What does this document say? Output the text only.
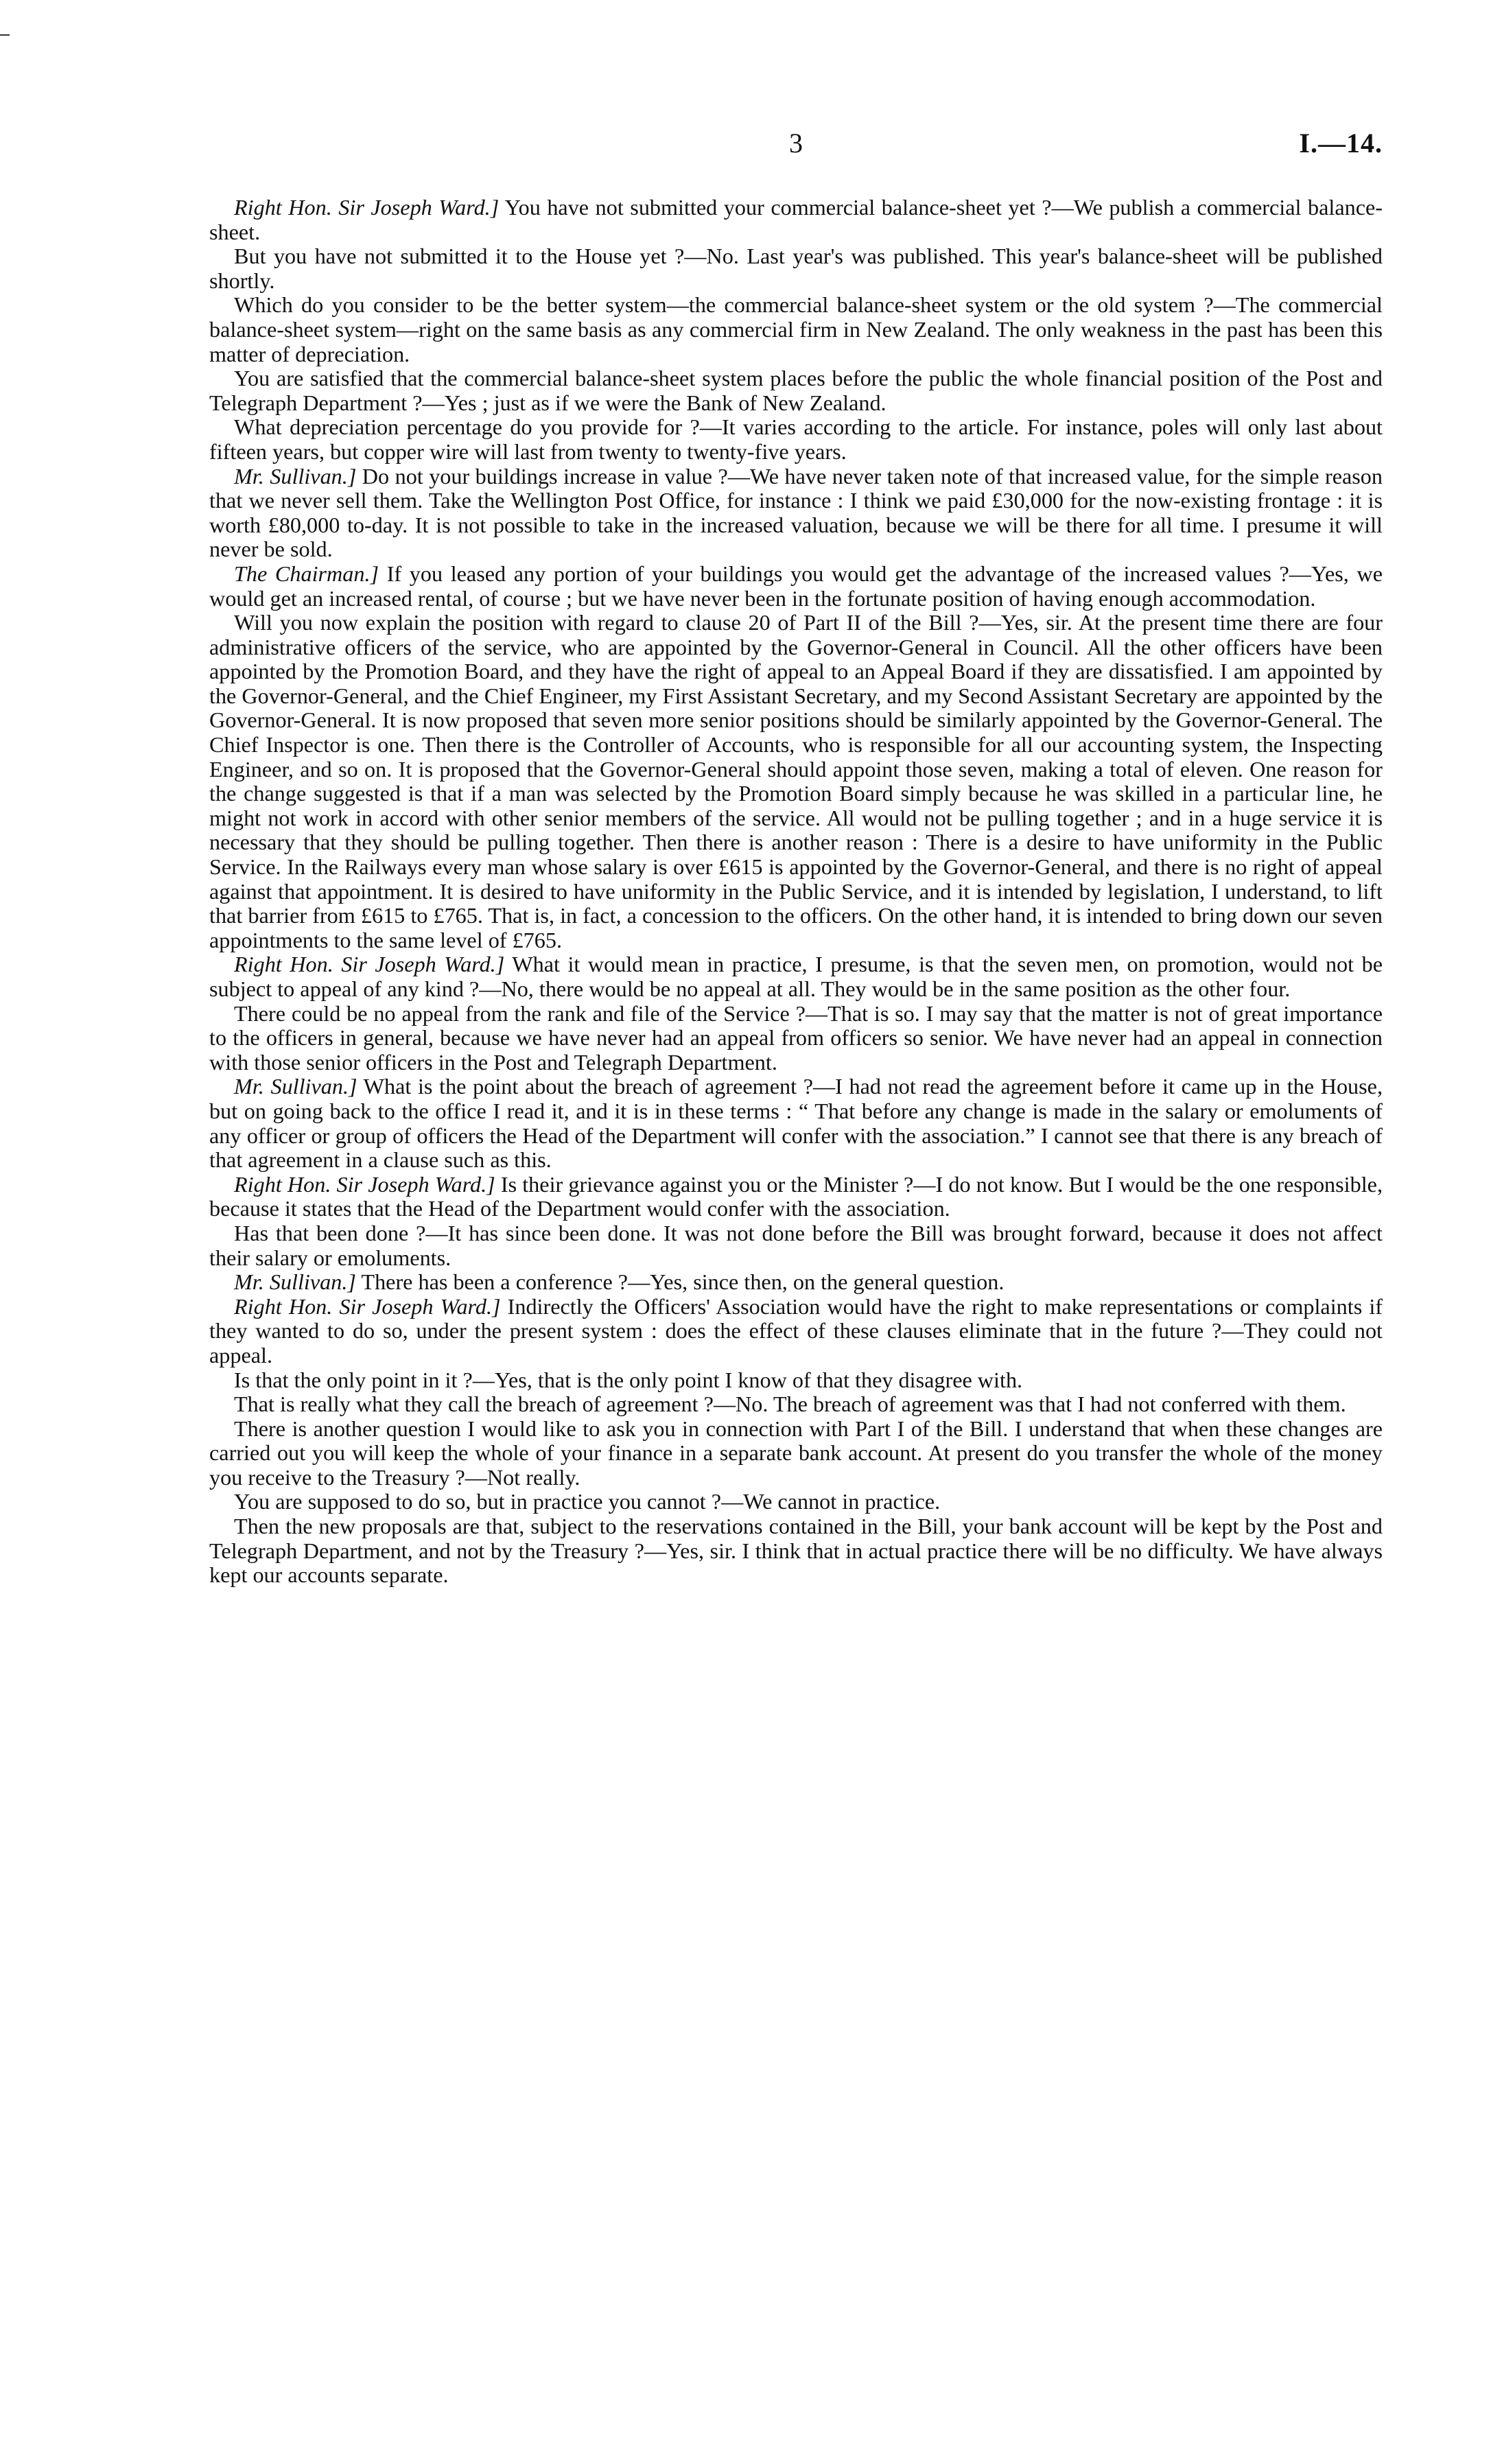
3	I.—14.

Right Hon. Sir Joseph Ward.] You have not submitted your commercial balance-sheet yet ?—We publish a commercial balance-sheet.

But you have not submitted it to the House yet ?—No. Last year's was published. This year's balance-sheet will be published shortly.

Which do you consider to be the better system—the commercial balance-sheet system or the old system ?—The commercial balance-sheet system—right on the same basis as any commercial firm in New Zealand. The only weakness in the past has been this matter of depreciation.

You are satisfied that the commercial balance-sheet system places before the public the whole financial position of the Post and Telegraph Department ?—Yes ; just as if we were the Bank of New Zealand.

What depreciation percentage do you provide for ?—It varies according to the article. For instance, poles will only last about fifteen years, but copper wire will last from twenty to twenty-five years.

Mr. Sullivan.] Do not your buildings increase in value ?—We have never taken note of that increased value, for the simple reason that we never sell them. Take the Wellington Post Office, for instance : I think we paid £30,000 for the now-existing frontage : it is worth £80,000 to-day. It is not possible to take in the increased valuation, because we will be there for all time. I presume it will never be sold.

The Chairman.] If you leased any portion of your buildings you would get the advantage of the increased values ?—Yes, we would get an increased rental, of course ; but we have never been in the fortunate position of having enough accommodation.

Will you now explain the position with regard to clause 20 of Part II of the Bill ?—Yes, sir. At the present time there are four administrative officers of the service, who are appointed by the Governor-General in Council. All the other officers have been appointed by the Promotion Board, and they have the right of appeal to an Appeal Board if they are dissatisfied. I am appointed by the Governor-General, and the Chief Engineer, my First Assistant Secretary, and my Second Assistant Secretary are appointed by the Governor-General. It is now proposed that seven more senior positions should be similarly appointed by the Governor-General. The Chief Inspector is one. Then there is the Controller of Accounts, who is responsible for all our accounting system, the Inspecting Engineer, and so on. It is proposed that the Governor-General should appoint those seven, making a total of eleven. One reason for the change suggested is that if a man was selected by the Promotion Board simply because he was skilled in a particular line, he might not work in accord with other senior members of the service. All would not be pulling together ; and in a huge service it is necessary that they should be pulling together. Then there is another reason : There is a desire to have uniformity in the Public Service. In the Railways every man whose salary is over £615 is appointed by the Governor-General, and there is no right of appeal against that appointment. It is desired to have uniformity in the Public Service, and it is intended by legislation, I understand, to lift that barrier from £615 to £765. That is, in fact, a concession to the officers. On the other hand, it is intended to bring down our seven appointments to the same level of £765.

Right Hon. Sir Joseph Ward.] What it would mean in practice, I presume, is that the seven men, on promotion, would not be subject to appeal of any kind ?—No, there would be no appeal at all. They would be in the same position as the other four.

There could be no appeal from the rank and file of the Service ?—That is so. I may say that the matter is not of great importance to the officers in general, because we have never had an appeal from officers so senior. We have never had an appeal in connection with those senior officers in the Post and Telegraph Department.

Mr. Sullivan.] What is the point about the breach of agreement ?—I had not read the agreement before it came up in the House, but on going back to the office I read it, and it is in these terms : “ That before any change is made in the salary or emoluments of any officer or group of officers the Head of the Department will confer with the association.” I cannot see that there is any breach of that agreement in a clause such as this.

Right Hon. Sir Joseph Ward.] Is their grievance against you or the Minister ?—I do not know. But I would be the one responsible, because it states that the Head of the Department would confer with the association.

Has that been done ?—It has since been done. It was not done before the Bill was brought forward, because it does not affect their salary or emoluments.

Mr. Sullivan.] There has been a conference ?—Yes, since then, on the general question.

Right Hon. Sir Joseph Ward.] Indirectly the Officers' Association would have the right to make representations or complaints if they wanted to do so, under the present system : does the effect of these clauses eliminate that in the future ?—They could not appeal.

Is that the only point in it ?—Yes, that is the only point I know of that they disagree with.

That is really what they call the breach of agreement ?—No. The breach of agreement was that I had not conferred with them.

There is another question I would like to ask you in connection with Part I of the Bill. I understand that when these changes are carried out you will keep the whole of your finance in a separate bank account. At present do you transfer the whole of the money you receive to the Treasury ?—Not really.

You are supposed to do so, but in practice you cannot ?—We cannot in practice.

Then the new proposals are that, subject to the reservations contained in the Bill, your bank account will be kept by the Post and Telegraph Department, and not by the Treasury ?—Yes, sir. I think that in actual practice there will be no difficulty. We have always kept our accounts separate.
